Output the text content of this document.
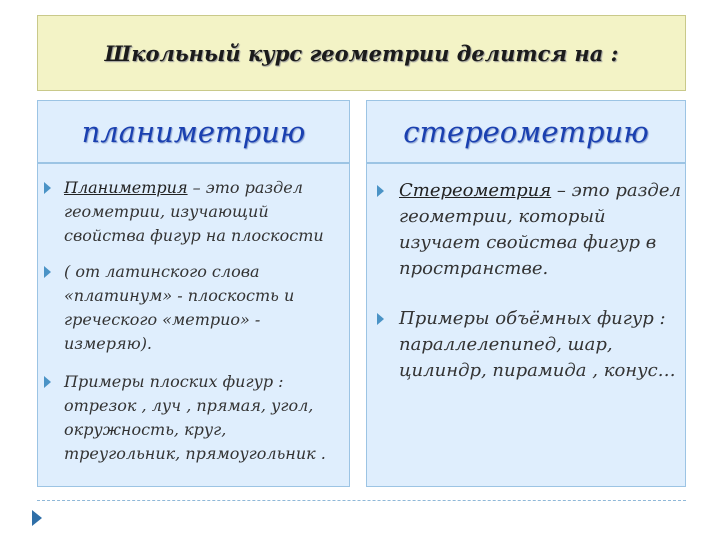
Школьный курс геометрии делится на :
планиметрию	стереометрию
Планиметрия – это раздел геометрии, изучающий свойства фигур на плоскости
( от латинского слова «платинум» - плоскость и греческого «метрио» - измеряю).
Примеры плоских фигур : отрезок , луч , прямая, угол, окружность, круг, треугольник, прямоугольник .
Стереометрия – это раздел геометрии, который изучает свойства фигур в пространстве.
Примеры объёмных фигур : параллелепипед, шар, цилиндр, пирамида , конус…
